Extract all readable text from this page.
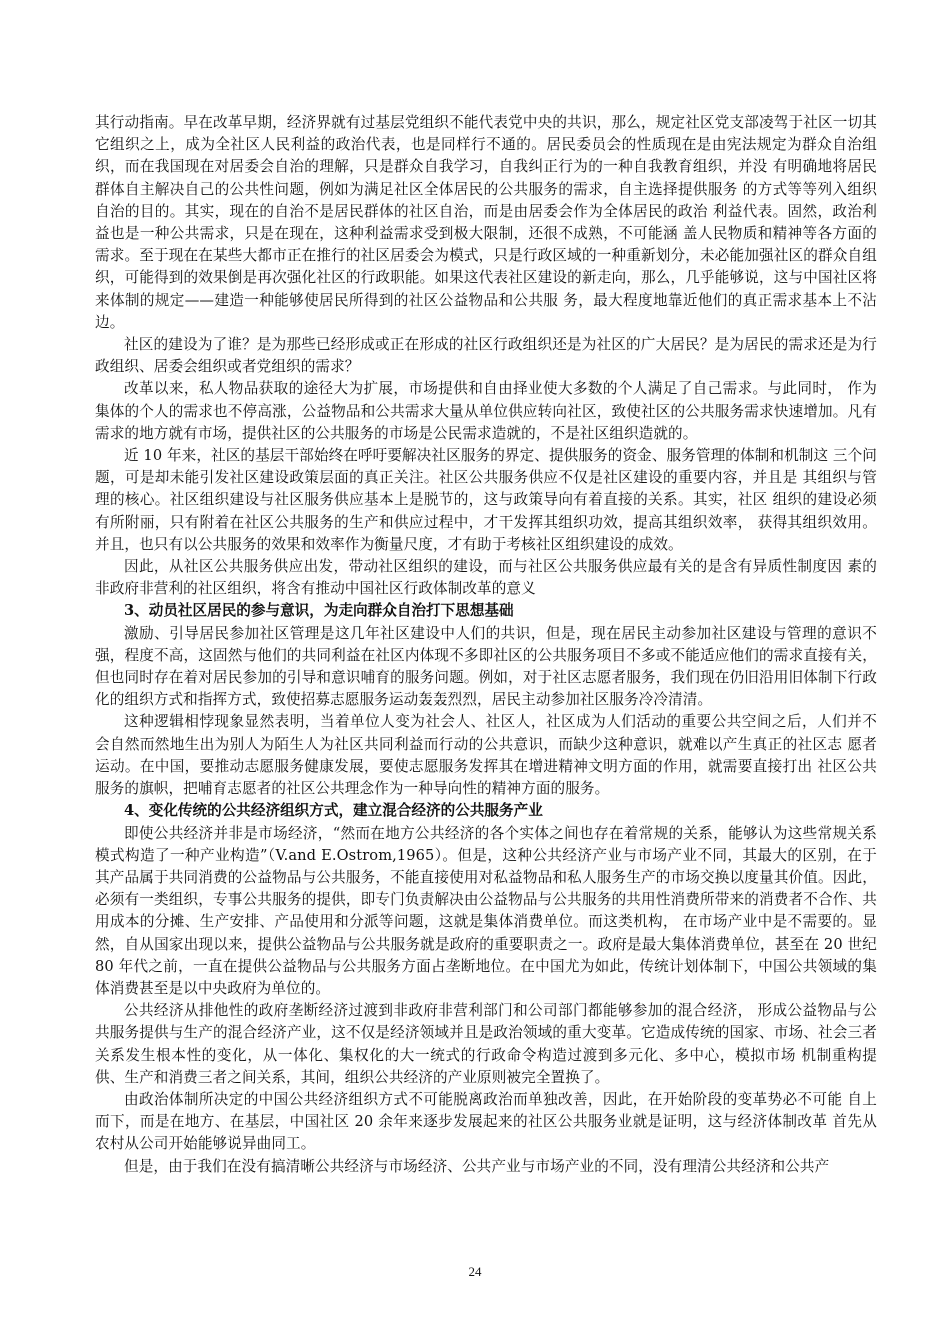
其行动指南。早在改革早期，经济界就有过基层党组织不能代表党中央的共识，那么，规定社区党支部凌驾于社区一切其它组织之上，成为全社区人民利益的政治代表，也是同样行不通的。居民委员会的性质现在是由宪法规定为群众自治组织，而在我国现在对居委会自治的理解，只是群众自我学习，自我纠正行为的一种自我教育组织，并没 有明确地将居民群体自主解决自己的公共性问题，例如为满足社区全体居民的公共服务的需求，自主选择提供服务 的方式等等列入组织自治的目的。其实，现在的自治不是居民群体的社区自治，而是由居委会作为全体居民的政治 利益代表。固然，政治利益也是一种公共需求，只是在现在，这种利益需求受到极大限制，还很不成熟，不可能涵 盖人民物质和精神等各方面的需求。至于现在在某些大都市正在推行的社区居委会为模式，只是行政区域的一种重新划分，未必能加强社区的群众自组织，可能得到的效果倒是再次强化社区的行政职能。如果这代表社区建设的新走向，那么，几乎能够说，这与中国社区将来体制的规定——建造一种能够使居民所得到的社区公益物品和公共服 务，最大程度地靠近他们的真正需求基本上不沾边。

社区的建设为了谁？是为那些已经形成或正在形成的社区行政组织还是为社区的广大居民？是为居民的需求还是为行政组织、居委会组织或者党组织的需求？

改革以来，私人物品获取的途径大为扩展，市场提供和自由择业使大多数的个人满足了自己需求。与此同时， 作为集体的个人的需求也不停高涨，公益物品和公共需求大量从单位供应转向社区，致使社区的公共服务需求快速增加。凡有需求的地方就有市场，提供社区的公共服务的市场是公民需求造就的，不是社区组织造就的。

近 10 年来，社区的基层干部始终在呼吁要解决社区服务的界定、提供服务的资金、服务管理的体制和机制这 三个问题，可是却未能引发社区建设政策层面的真正关注。社区公共服务供应不仅是社区建设的重要内容，并且是 其组织与管理的核心。社区组织建设与社区服务供应基本上是脱节的，这与政策导向有着直接的关系。其实，社区 组织的建设必须有所附丽，只有附着在社区公共服务的生产和供应过程中，才干发挥其组织功效，提高其组织效率， 获得其组织效用。并且，也只有以公共服务的效果和效率作为衡量尺度，才有助于考核社区组织建设的成效。

因此，从社区公共服务供应出发，带动社区组织的建设，而与社区公共服务供应最有关的是含有异质性制度因 素的非政府非营利的社区组织，将含有推动中国社区行政体制改革的意义

3、动员社区居民的参与意识，为走向群众自治打下思想基础

激励、引导居民参加社区管理是这几年社区建设中人们的共识，但是，现在居民主动参加社区建设与管理的意识不强，程度不高，这固然与他们的共同利益在社区内体现不多即社区的公共服务项目不多或不能适应他们的需求直接有关，但也同时存在着对居民参加的引导和意识哺育的服务问题。例如，对于社区志愿者服务，我们现在仍旧沿用旧体制下行政化的组织方式和指挥方式，致使招募志愿服务运动轰轰烈烈，居民主动参加社区服务冷冷清清。

这种逻辑相悖现象显然表明，当着单位人变为社会人、社区人，社区成为人们活动的重要公共空间之后，人们并不 会自然而然地生出为别人为陌生人为社区共同利益而行动的公共意识，而缺少这种意识，就难以产生真正的社区志 愿者运动。在中国，要推动志愿服务健康发展，要使志愿服务发挥其在增进精神文明方面的作用，就需要直接打出 社区公共服务的旗帜，把哺育志愿者的社区公共理念作为一种导向性的精神方面的服务。

4、变化传统的公共经济组织方式，建立混合经济的公共服务产业

即使公共经济并非是市场经济，“然而在地方公共经济的各个实体之间也存在着常规的关系，能够认为这些常规关系模式构造了一种产业构造”（V.and E.Ostrom,1965）。但是，这种公共经济产业与市场产业不同，其最大的区别，在于其产品属于共同消费的公益物品与公共服务，不能直接使用对私益物品和私人服务生产的市场交换以度量其价值。因此，必须有一类组织，专事公共服务的提供，即专门负责解决由公益物品与公共服务的共用性消费所带来的消费者不合作、共用成本的分摊、生产安排、产品使用和分派等问题，这就是集体消费单位。而这类机构， 在市场产业中是不需要的。显然，自从国家出现以来，提供公益物品与公共服务就是政府的重要职责之一。政府是最大集体消费单位，甚至在 20 世纪 80 年代之前，一直在提供公益物品与公共服务方面占垄断地位。在中国尤为如此，传统计划体制下，中国公共领域的集体消费甚至是以中央政府为单位的。

公共经济从排他性的政府垄断经济过渡到非政府非营利部门和公司部门都能够参加的混合经济， 形成公益物品与公共服务提供与生产的混合经济产业，这不仅是经济领域并且是政治领域的重大变革。它造成传统的国家、市场、社会三者关系发生根本性的变化，从一体化、集权化的大一统式的行政命令构造过渡到多元化、多中心，模拟市场 机制重构提供、生产和消费三者之间关系，其间，组织公共经济的产业原则被完全置换了。

由政治体制所决定的中国公共经济组织方式不可能脱离政治而单独改善，因此，在开始阶段的变革势必不可能 自上而下，而是在地方、在基层，中国社区 20 余年来逐步发展起来的社区公共服务业就是证明，这与经济体制改革 首先从农村从公司开始能够说异曲同工。

但是，由于我们在没有搞清晰公共经济与市场经济、公共产业与市场产业的不同，没有理清公共经济和公共产

24
